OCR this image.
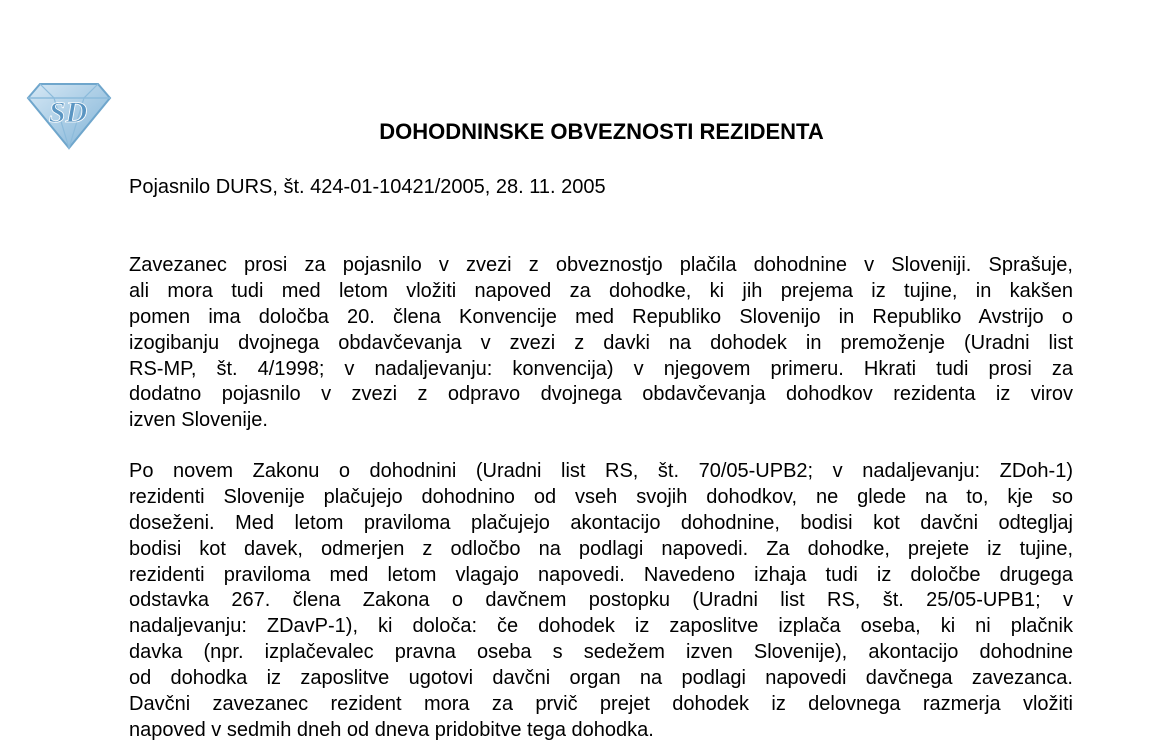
SD
DOHODNINSKE OBVEZNOSTI REZIDENTA

Pojasnilo DURS, št. 424-01-10421/2005, 28. 11. 2005

Zavezanec prosi za pojasnilo v zvezi z obveznostjo plačila dohodnine v Sloveniji. Sprašuje,
ali mora tudi med letom vložiti napoved za dohodke, ki jih prejema iz tujine, in kakšen
pomen ima določba 20. člena Konvencije med Republiko Slovenijo in Republiko Avstrijo o
izogibanju dvojnega obdavčevanja v zvezi z davki na dohodek in premoženje (Uradni list
RS-MP, št. 4/1998; v nadaljevanju: konvencija) v njegovem primeru. Hkrati tudi prosi za
dodatno pojasnilo v zvezi z odpravo dvojnega obdavčevanja dohodkov rezidenta iz virov
izven Slovenije.
Po novem Zakonu o dohodnini (Uradni list RS, št. 70/05-UPB2; v nadaljevanju: ZDoh-1)
rezidenti Slovenije plačujejo dohodnino od vseh svojih dohodkov, ne glede na to, kje so
doseženi. Med letom praviloma plačujejo akontacijo dohodnine, bodisi kot davčni odtegljaj
bodisi kot davek, odmerjen z odločbo na podlagi napovedi. Za dohodke, prejete iz tujine,
rezidenti praviloma med letom vlagajo napovedi. Navedeno izhaja tudi iz določbe drugega
odstavka 267. člena Zakona o davčnem postopku (Uradni list RS, št. 25/05-UPB1; v
nadaljevanju: ZDavP-1), ki določa: če dohodek iz zaposlitve izplača oseba, ki ni plačnik
davka (npr. izplačevalec pravna oseba s sedežem izven Slovenije), akontacijo dohodnine
od dohodka iz zaposlitve ugotovi davčni organ na podlagi napovedi davčnega zavezanca.
Davčni zavezanec rezident mora za prvič prejet dohodek iz delovnega razmerja vložiti
napoved v sedmih dneh od dneva pridobitve tega dohodka.
